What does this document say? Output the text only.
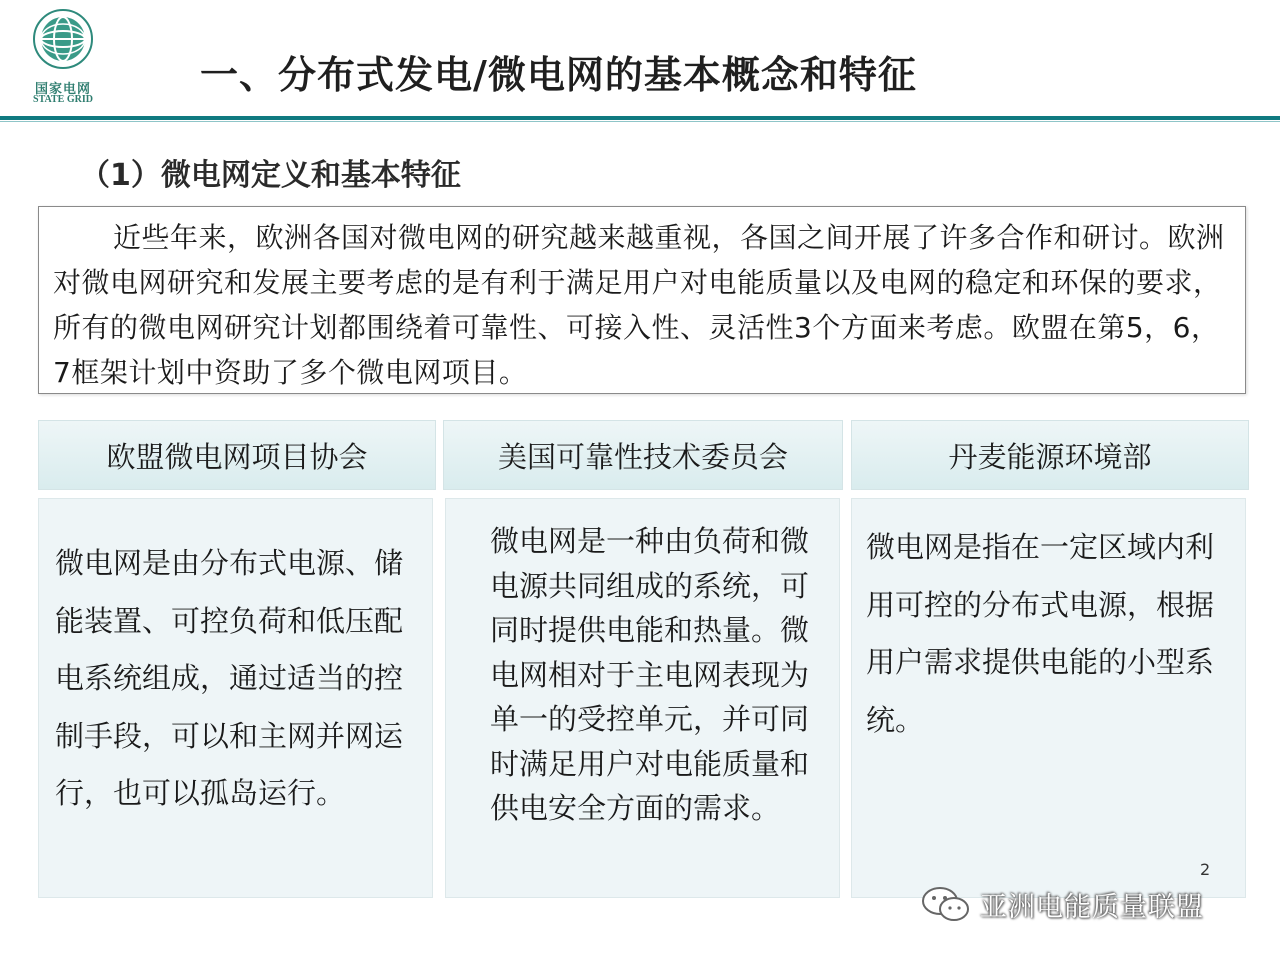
国家电网
STATE GRID
一、分布式发电/微电网的基本概念和特征
（1）微电网定义和基本特征

近些年来，欧洲各国对微电网的研究越来越重视，各国之间开展了许多合作和研讨。欧洲对微电网研究和发展主要考虑的是有利于满足用户对电能质量以及电网的稳定和环保的要求，所有的微电网研究计划都围绕着可靠性、可接入性、灵活性3个方面来考虑。欧盟在第5，6，7框架计划中资助了多个微电网项目。

欧盟微电网项目协会	美国可靠性技术委员会	丹麦能源环境部

微电网是由分布式电源、储能装置、可控负荷和低压配电系统组成，通过适当的控制手段，可以和主网并网运行，也可以孤岛运行。

微电网是一种由负荷和微电源共同组成的系统，可同时提供电能和热量。微电网相对于主电网表现为单一的受控单元，并可同时满足用户对电能质量和供电安全方面的需求。

微电网是指在一定区域内利用可控的分布式电源，根据用户需求提供电能的小型系统。

2
亚洲电能质量联盟
